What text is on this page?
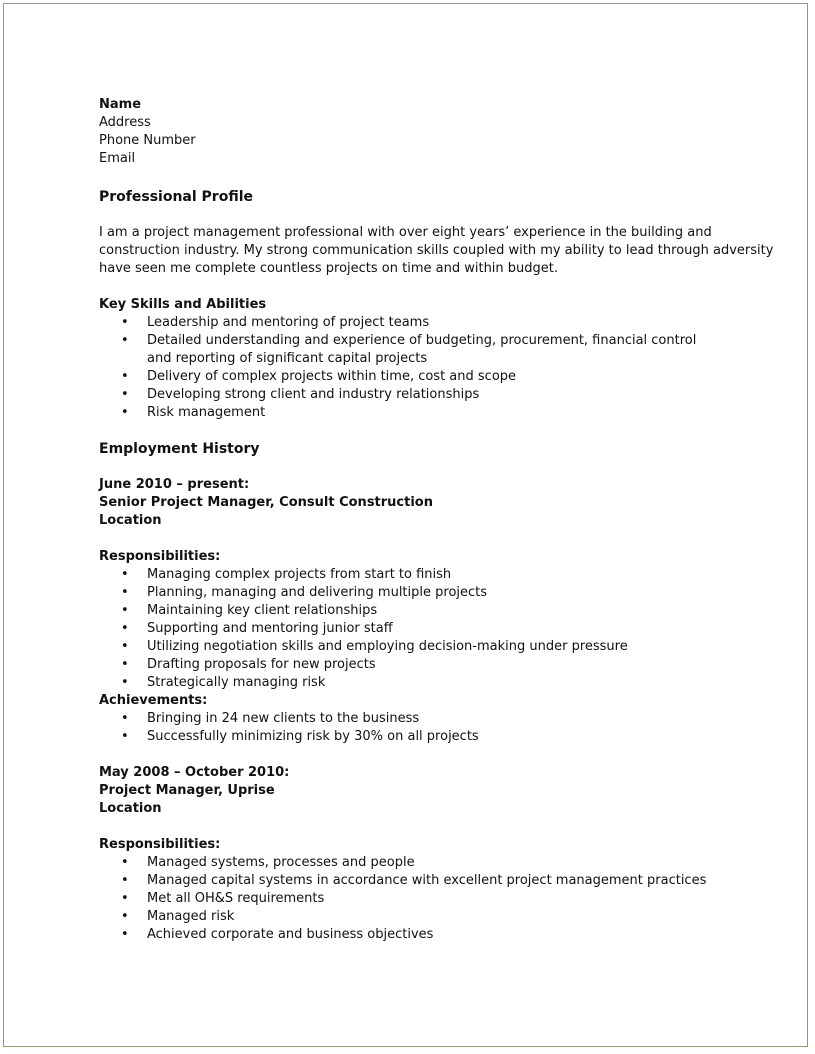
Name
Address
Phone Number
Email
Professional Profile
I am a project management professional with over eight years’ experience in the building and
construction industry. My strong communication skills coupled with my ability to lead through adversity
have seen me complete countless projects on time and within budget.
Key Skills and Abilities
• Leadership and mentoring of project teams
• Detailed understanding and experience of budgeting, procurement, financial control and reporting of significant capital projects
• Delivery of complex projects within time, cost and scope
• Developing strong client and industry relationships
• Risk management
Employment History
June 2010 – present:
Senior Project Manager, Consult Construction
Location
Responsibilities:
• Managing complex projects from start to finish
• Planning, managing and delivering multiple projects
• Maintaining key client relationships
• Supporting and mentoring junior staff
• Utilizing negotiation skills and employing decision-making under pressure
• Drafting proposals for new projects
• Strategically managing risk
Achievements:
• Bringing in 24 new clients to the business
• Successfully minimizing risk by 30% on all projects
May 2008 – October 2010:
Project Manager, Uprise
Location
Responsibilities:
• Managed systems, processes and people
• Managed capital systems in accordance with excellent project management practices
• Met all OH&S requirements
• Managed risk
• Achieved corporate and business objectives
